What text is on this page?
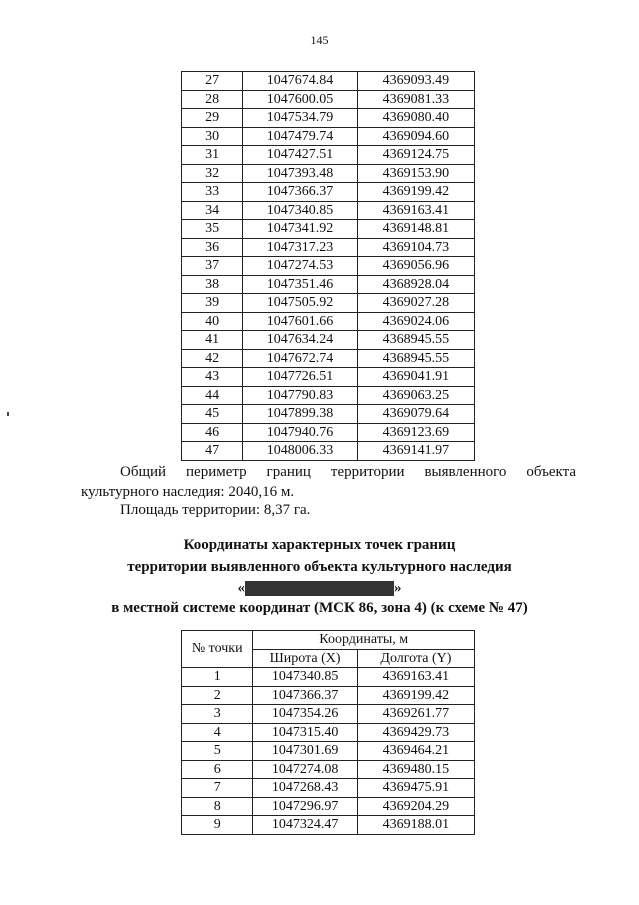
145
27	1047674.84	4369093.49
28	1047600.05	4369081.33
29	1047534.79	4369080.40
30	1047479.74	4369094.60
31	1047427.51	4369124.75
32	1047393.48	4369153.90
33	1047366.37	4369199.42
34	1047340.85	4369163.41
35	1047341.92	4369148.81
36	1047317.23	4369104.73
37	1047274.53	4369056.96
38	1047351.46	4368928.04
39	1047505.92	4369027.28
40	1047601.66	4369024.06
41	1047634.24	4368945.55
42	1047672.74	4368945.55
43	1047726.51	4369041.91
44	1047790.83	4369063.25
45	1047899.38	4369079.64
46	1047940.76	4369123.69
47	1048006.33	4369141.97
Общий периметр границ территории выявленного объекта
культурного наследия: 2040,16 м.
Площадь территории: 8,37 га.
Координаты характерных точек границ
территории выявленного объекта культурного наследия
«	»
в местной системе координат (МСК 86, зона 4) (к схеме № 47)
№ точки	Координаты, м	
	Широта (X)	Долгота (Y)
1	1047340.85	4369163.41
2	1047366.37	4369199.42
3	1047354.26	4369261.77
4	1047315.40	4369429.73
5	1047301.69	4369464.21
6	1047274.08	4369480.15
7	1047268.43	4369475.91
8	1047296.97	4369204.29
9	1047324.47	4369188.01
